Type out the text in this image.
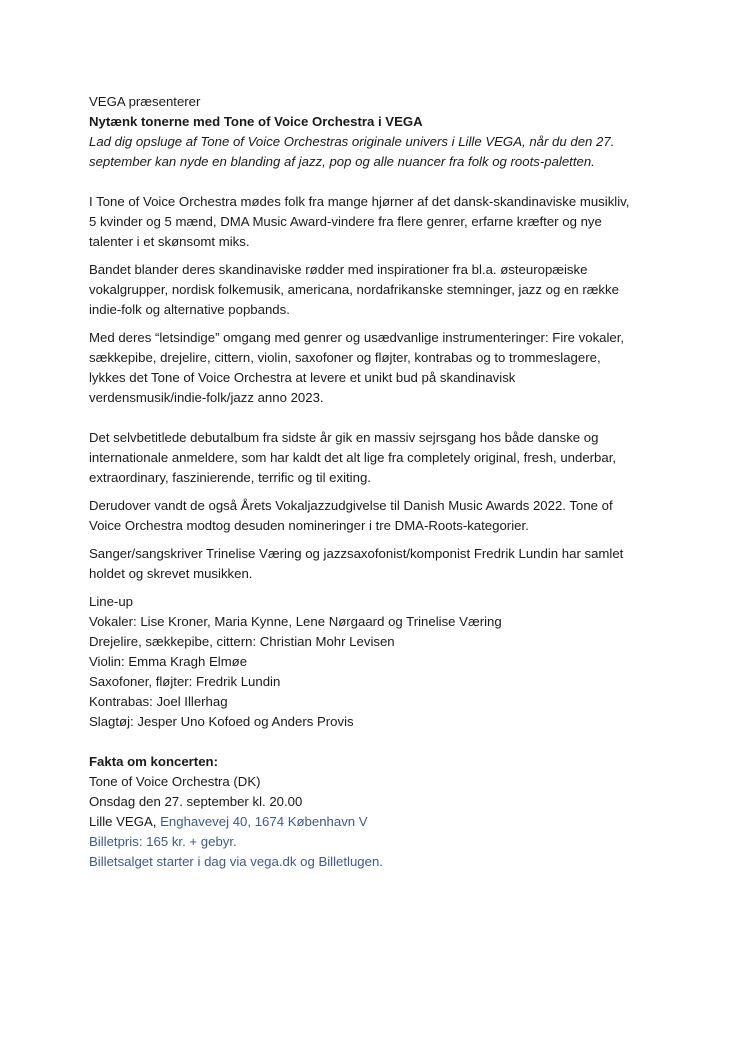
VEGA præsenterer
Nytænk tonerne med Tone of Voice Orchestra i VEGA
Lad dig opsluge af Tone of Voice Orchestras originale univers i Lille VEGA, når du den 27.
september kan nyde en blanding af jazz, pop og alle nuancer fra folk og roots-paletten.
I Tone of Voice Orchestra mødes folk fra mange hjørner af det dansk-skandinaviske musikliv,
5 kvinder og 5 mænd, DMA Music Award-vindere fra flere genrer, erfarne kræfter og nye
talenter i et skønsomt miks.
Bandet blander deres skandinaviske rødder med inspirationer fra bl.a. østeuropæiske
vokalgrupper, nordisk folkemusik, americana, nordafrikanske stemninger, jazz og en række
indie-folk og alternative popbands.
Med deres “letsindige” omgang med genrer og usædvanlige instrumenteringer: Fire vokaler,
sækkepibe, drejelire, cittern, violin, saxofoner og fløjter, kontrabas og to trommeslagere,
lykkes det Tone of Voice Orchestra at levere et unikt bud på skandinavisk
verdensmusik/indie-folk/jazz anno 2023.
Det selvbetitlede debutalbum fra sidste år gik en massiv sejrsgang hos både danske og
internationale anmeldere, som har kaldt det alt lige fra completely original, fresh, underbar,
extraordinary, faszinierende, terrific og til exiting.
Derudover vandt de også Årets Vokaljazzudgivelse til Danish Music Awards 2022. Tone of
Voice Orchestra modtog desuden nomineringer i tre DMA-Roots-kategorier.
Sanger/sangskriver Trinelise Væring og jazzsaxofonist/komponist Fredrik Lundin har samlet
holdet og skrevet musikken.
Line-up
Vokaler: Lise Kroner, Maria Kynne, Lene Nørgaard og Trinelise Væring
Drejelire, sækkepibe, cittern: Christian Mohr Levisen
Violin: Emma Kragh Elmøe
Saxofoner, fløjter: Fredrik Lundin
Kontrabas: Joel Illerhag
Slagtøj: Jesper Uno Kofoed og Anders Provis
Fakta om koncerten:
Tone of Voice Orchestra (DK)
Onsdag den 27. september kl. 20.00
Lille VEGA, Enghavevej 40, 1674 København V
Billetpris: 165 kr. + gebyr.
Billetsalget starter i dag via vega.dk og Billetlugen.
